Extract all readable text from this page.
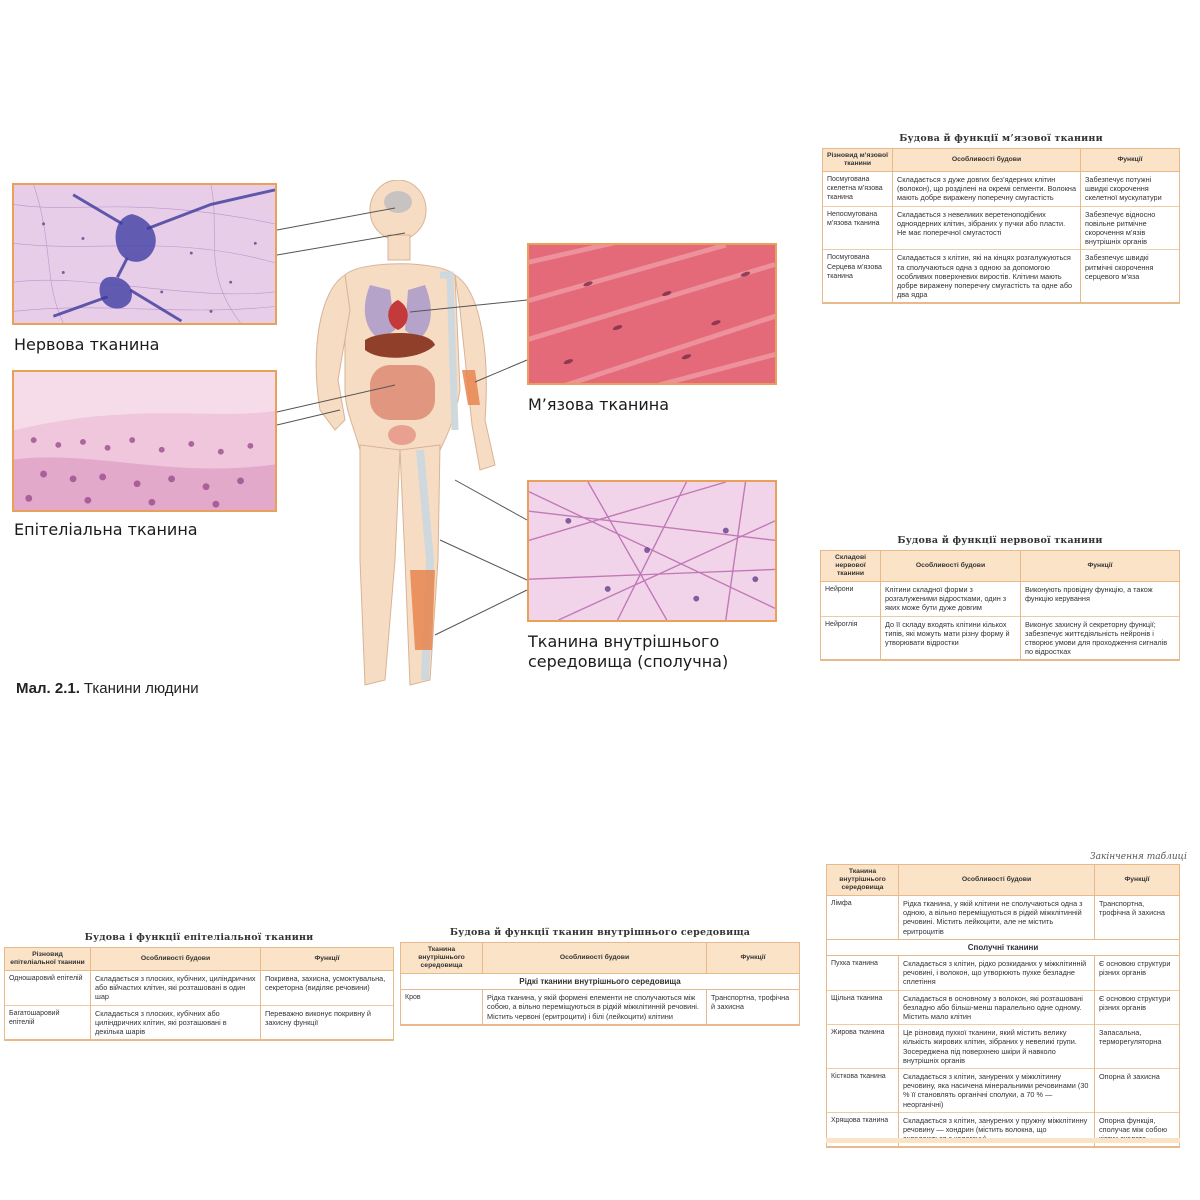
Нервова тканина
Епітеліальна тканина
М’язова тканина
Тканина внутрішнього середовища (сполучна)
Мал. 2.1. Тканини людини
Будова й функції м’язової тканини
Різновид м’язової тканини	Особливості будови	Функції
Посмугована скелетна м’язова тканина	Складається з дуже довгих без’ядерних клітин (волокон), що розділені на окремі сегменти. Волокна мають добре виражену поперечну смугастість	Забезпечує потужні швидкі скорочення скелетної мускулатури
Непосмугована м’язова тканина	Складається з невеликих веретеноподібних одноядерних клітин, зібраних у пучки або пласти. Не має поперечної смугастості	Забезпечує відносно повільне ритмічне скорочення м’язів внутрішніх органів
Посмугована Серцева м’язова тканина	Складається з клітин, які на кінцях розгалужуються та сполучаються одна з одною за допомогою особливих поверхневих виростів. Клітини мають добре виражену поперечну смугастість та одне або два ядра	Забезпечує швидкі ритмічні скорочення серцевого м’яза
Будова й функції нервової тканини
Складові нервової тканини	Особливості будови	Функції
Нейрони	Клітини складної форми з розгалуженими відростками, один з яких може бути дуже довгим	Виконують провідну функцію, а також функцію керування
Нейроглія	До її складу входять клітини кількох типів, які можуть мати різну форму й утворювати відростки	Виконує захисну й секреторну функції; забезпечує життєдіяльність нейронів і створює умови для проходження сигналів по відростках
Будова і функції епітеліальної тканини
Різновид епітеліальної тканини	Особливості будови	Функції
Одношаровий епітелій	Складається з плоских, кубічних, циліндричних або війчастих клітин, які розташовані в один шар	Покривна, захисна, усмоктувальна, секреторна (виділяє речовини)
Багатошаровий епітелій	Складається з плоских, кубічних або циліндричних клітин, які розташовані в декілька шарів	Переважно виконує покривну й захисну функції
Будова й функції тканин внутрішнього середовища
Тканина внутрішнього середовища	Особливості будови	Функції
Рідкі тканини внутрішнього середовища		
Кров	Рідка тканина, у якій формені елементи не сполучаються між собою, а вільно переміщуються в рідкій міжклітинній речовині. Містить червоні (еритроцити) і білі (лейкоцити) клітини	Транспортна, трофічна й захисна
Закінчення таблиці
Тканина внутрішнього середовища	Особливості будови	Функції
Лімфа	Рідка тканина, у якій клітини не сполучаються одна з одною, а вільно переміщуються в рідкій міжклітинній речовині. Містить лейкоцити, але не містить еритроцитів	Транспортна, трофічна й захисна
Сполучні тканини		
Пухка тканина	Складається з клітин, рідко розкиданих у міжклітинній речовині, і волокон, що утворюють пухке безладне сплетіння	Є основою структури різних органів
Щільна тканина	Складається в основному з волокон, які розташовані безладно або більш-менш паралельно одне одному. Містить мало клітин	Є основою структури різних органів
Жирова тканина	Це різновид пухкої тканини, який містить велику кількість жирових клітин, зібраних у невеликі групи. Зосереджена під поверхнею шкіри й навколо внутрішніх органів	Запасальна, терморегуляторна
Кісткова тканина	Складається з клітин, занурених у міжклітинну речовину, яка насичена мінеральними речовинами (30 % її становлять органічні сполуки, а 70 % — неорганічні)	Опорна й захисна
Хрящова тканина	Складається з клітин, занурених у пружну міжклітинну речовину — хондрин (містить волокна, що	Опорна функція, сполучає між собою
